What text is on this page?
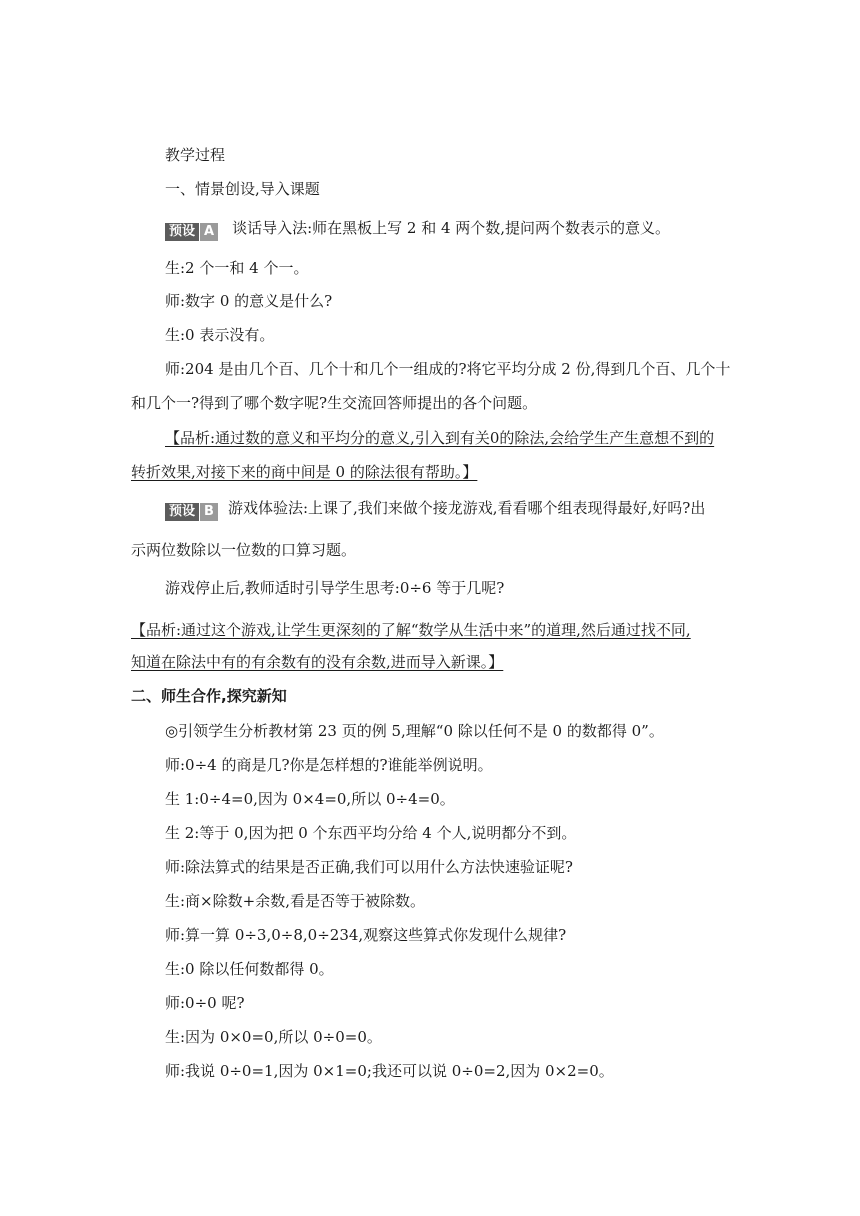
教学过程
一、情景创设,导入课题
预设 A 谈话导入法:师在黑板上写 2 和 4 两个数,提问两个数表示的意义。
生:2 个一和 4 个一。
师:数字 0 的意义是什么?
生:0 表示没有。
师:204 是由几个百、几个十和几个一组成的?将它平均分成 2 份,得到几个百、几个十
和几个一?得到了哪个数字呢?生交流回答师提出的各个问题。
【品析:通过数的意义和平均分的意义,引入到有关0的除法,会给学生产生意想不到的
转折效果,对接下来的商中间是 0 的除法很有帮助。】
预设 B 游戏体验法:上课了,我们来做个接龙游戏,看看哪个组表现得最好,好吗?出
示两位数除以一位数的口算习题。
游戏停止后,教师适时引导学生思考:0÷6 等于几呢?
【品析:通过这个游戏,让学生更深刻的了解“数学从生活中来”的道理,然后通过找不同,
知道在除法中有的有余数有的没有余数,进而导入新课。】
二、师生合作,探究新知
◎引领学生分析教材第 23 页的例 5,理解“0 除以任何不是 0 的数都得 0”。
师:0÷4 的商是几?你是怎样想的?谁能举例说明。
生 1:0÷4=0,因为 0×4=0,所以 0÷4=0。
生 2:等于 0,因为把 0 个东西平均分给 4 个人,说明都分不到。
师:除法算式的结果是否正确,我们可以用什么方法快速验证呢?
生:商×除数+余数,看是否等于被除数。
师:算一算 0÷3,0÷8,0÷234,观察这些算式你发现什么规律?
生:0 除以任何数都得 0。
师:0÷0 呢?
生:因为 0×0=0,所以 0÷0=0。
师:我说 0÷0=1,因为 0×1=0;我还可以说 0÷0=2,因为 0×2=0。
